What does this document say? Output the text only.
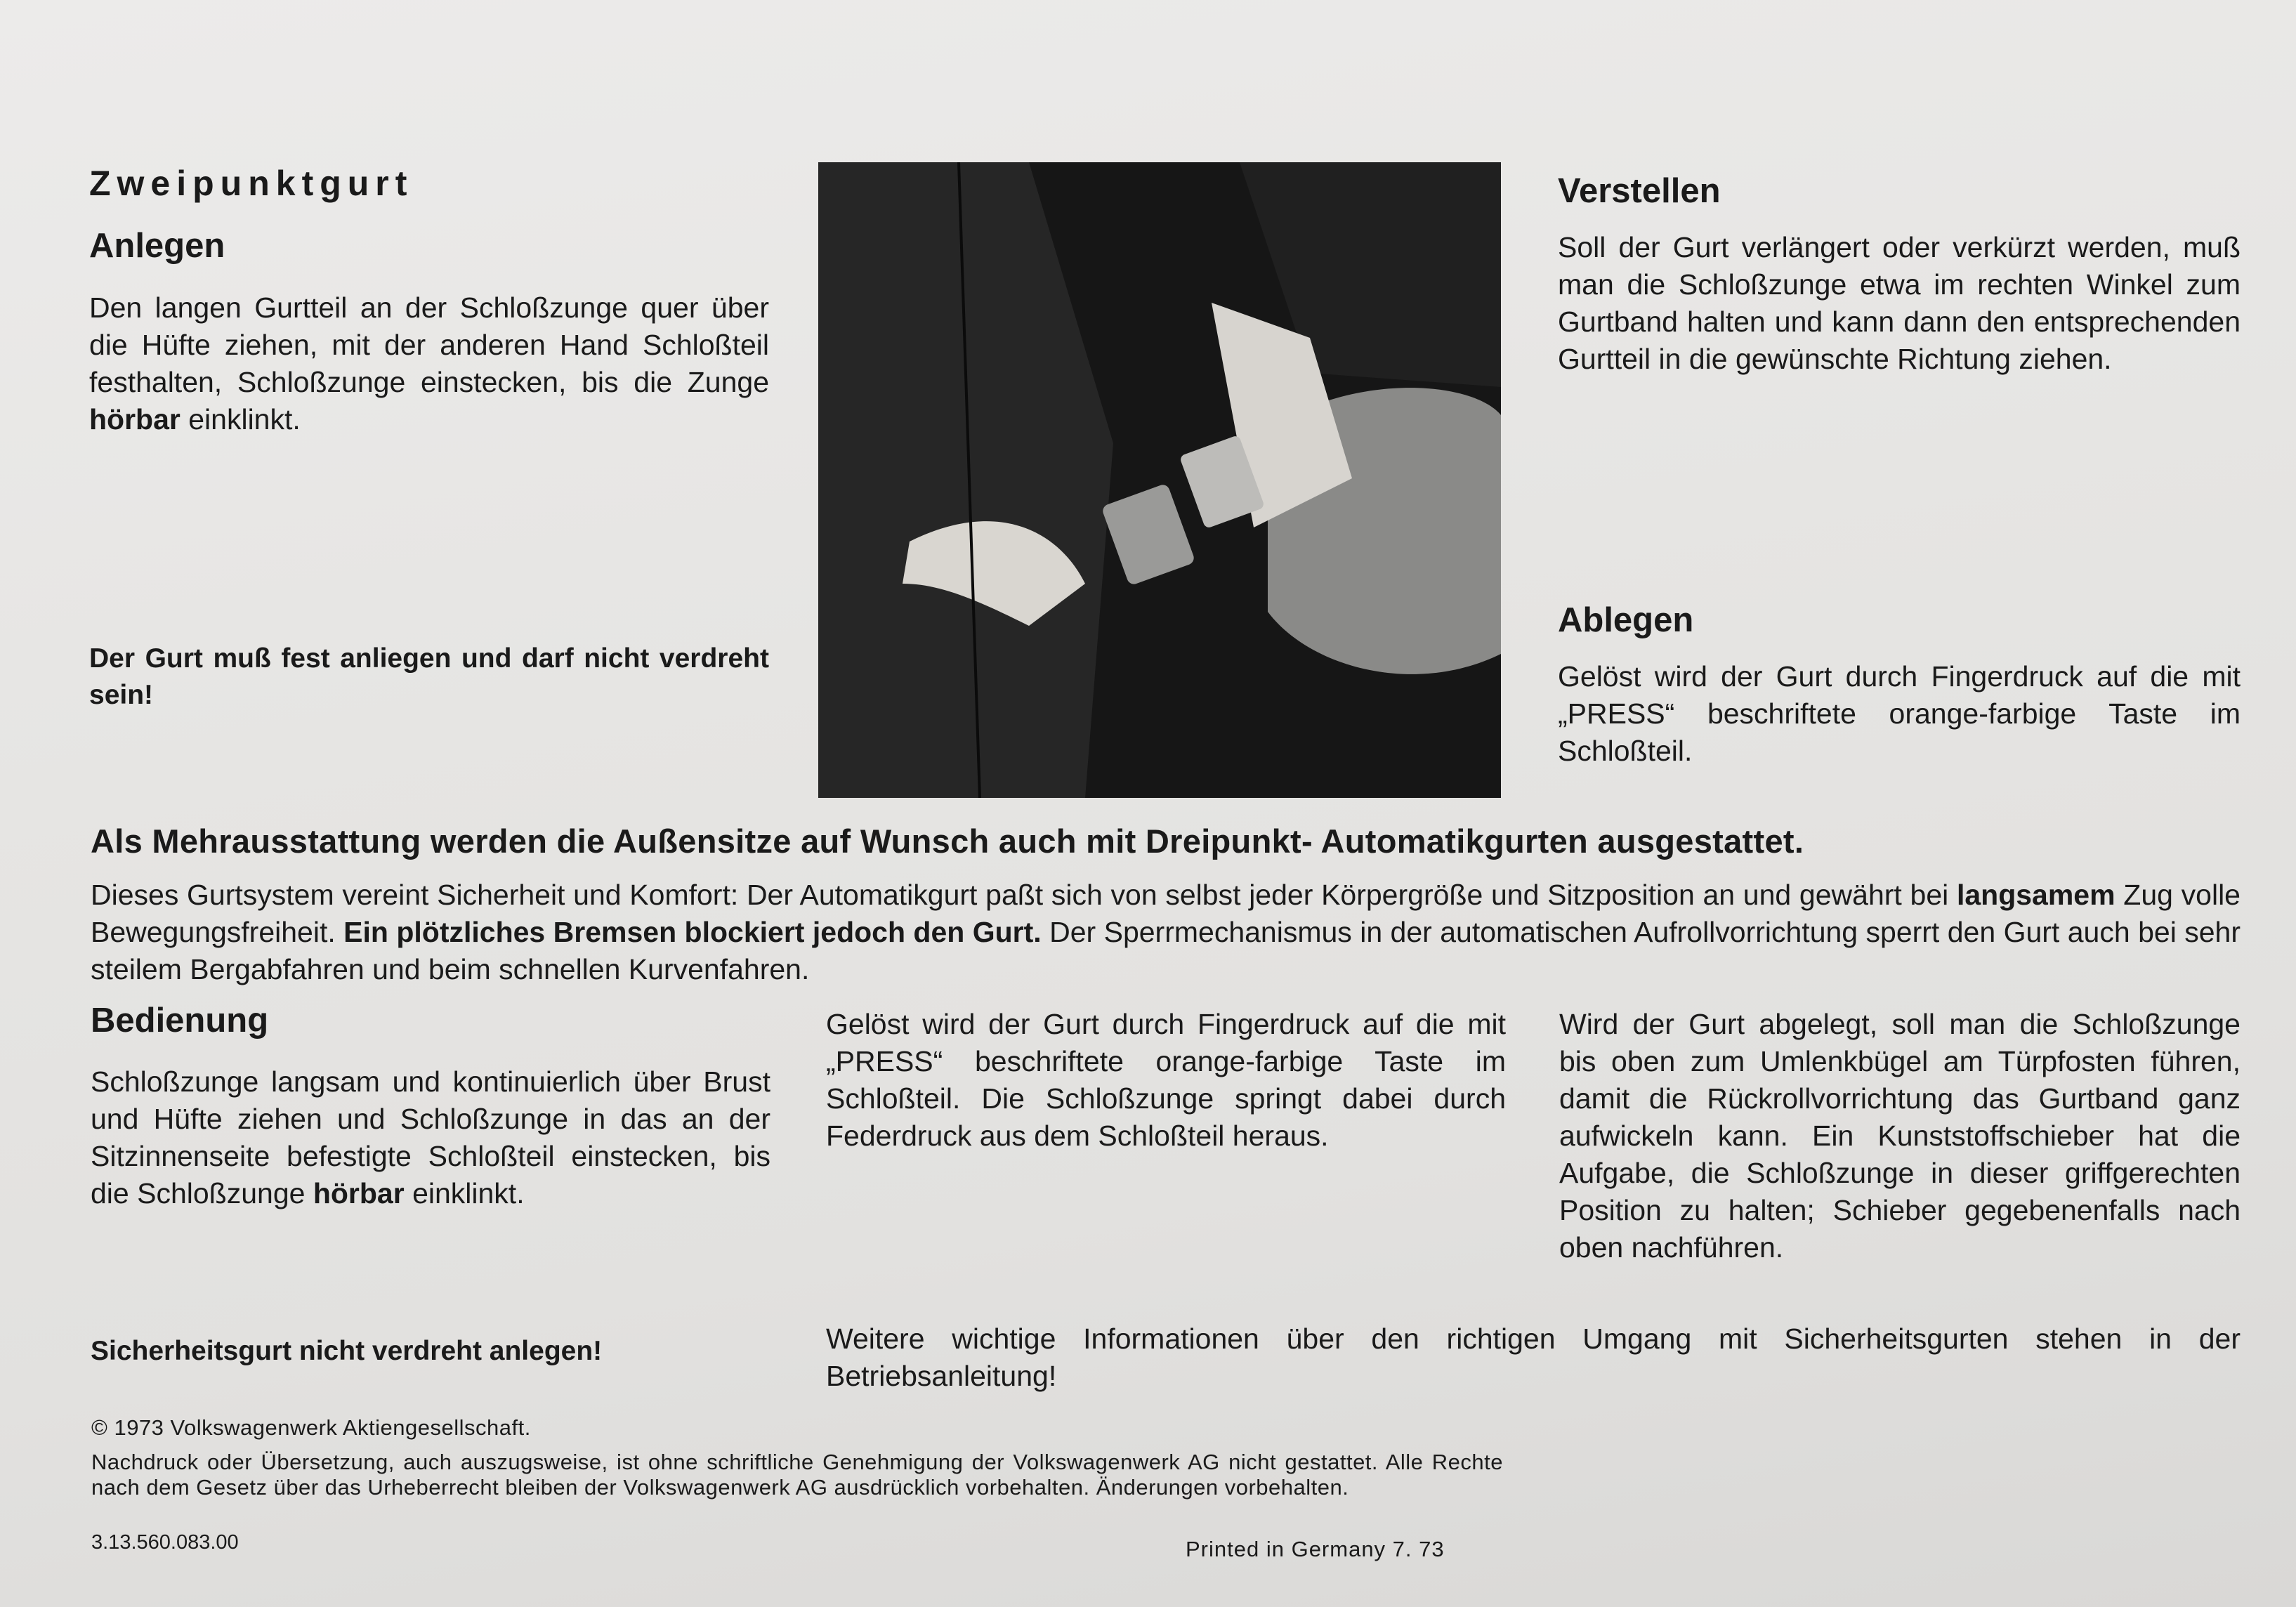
Zweipunktgurt
Anlegen
Den langen Gurtteil an der Schloßzunge quer über die Hüfte ziehen, mit der anderen Hand Schloßteil festhalten, Schloßzunge einstecken, bis die Zunge hörbar einklinkt.
Der Gurt muß fest anliegen und darf nicht verdreht sein!
Verstellen
Soll der Gurt verlängert oder verkürzt werden, muß man die Schloßzunge etwa im rechten Winkel zum Gurtband halten und kann dann den entsprechenden Gurtteil in die gewünschte Richtung ziehen.
Ablegen
Gelöst wird der Gurt durch Fingerdruck auf die mit „PRESS“ beschriftete orange-farbige Taste im Schloßteil.
Als Mehrausstattung werden die Außensitze auf Wunsch auch mit Dreipunkt- Automatikgurten ausgestattet.
Dieses Gurtsystem vereint Sicherheit und Komfort: Der Automatikgurt paßt sich von selbst jeder Körpergröße und Sitzposition an und gewährt bei langsamem Zug volle Bewegungsfreiheit. Ein plötzliches Bremsen blockiert jedoch den Gurt. Der Sperrmechanismus in der automatischen Aufrollvorrichtung sperrt den Gurt auch bei sehr steilem Bergabfahren und beim schnellen Kurvenfahren.
Bedienung
Schloßzunge langsam und kontinuierlich über Brust und Hüfte ziehen und Schloßzunge in das an der Sitzinnenseite befestigte Schloßteil einstecken, bis die Schloßzunge hörbar einklinkt.
Sicherheitsgurt nicht verdreht anlegen!
Gelöst wird der Gurt durch Fingerdruck auf die mit „PRESS“ beschriftete orange-farbige Taste im Schloßteil. Die Schloßzunge springt dabei durch Federdruck aus dem Schloßteil heraus.
Wird der Gurt abgelegt, soll man die Schloßzunge bis oben zum Umlenkbügel am Türpfosten führen, damit die Rückrollvorrichtung das Gurtband ganz aufwickeln kann. Ein Kunststoffschieber hat die Aufgabe, die Schloßzunge in dieser griffgerechten Position zu halten; Schieber gegebenenfalls nach oben nachführen.
Weitere wichtige Informationen über den richtigen Umgang mit Sicherheitsgurten stehen in der Betriebsanleitung!
© 1973 Volkswagenwerk Aktiengesellschaft.
Nachdruck oder Übersetzung, auch auszugsweise, ist ohne schriftliche Genehmigung der Volkswagenwerk AG nicht gestattet. Alle Rechte nach dem Gesetz über das Urheberrecht bleiben der Volkswagenwerk AG ausdrücklich vorbehalten. Änderungen vorbehalten.
3.13.560.083.00	Printed in Germany 7. 73
